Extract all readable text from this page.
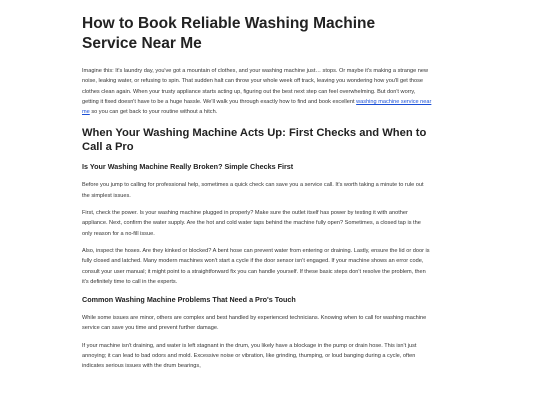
How to Book Reliable Washing Machine Service Near Me

Imagine this: It's laundry day, you've got a mountain of clothes, and your washing machine just… stops. Or maybe it's making a strange new noise, leaking water, or refusing to spin. That sudden halt can throw your whole week off track, leaving you wondering how you'll get those clothes clean again. When your trusty appliance starts acting up, figuring out the best next step can feel overwhelming. But don't worry, getting it fixed doesn't have to be a huge hassle. We'll walk you through exactly how to find and book excellent washing machine service near me so you can get back to your routine without a hitch.

When Your Washing Machine Acts Up: First Checks and When to Call a Pro
Is Your Washing Machine Really Broken? Simple Checks First

Before you jump to calling for professional help, sometimes a quick check can save you a service call. It's worth taking a minute to rule out the simplest issues.

First, check the power. Is your washing machine plugged in properly? Make sure the outlet itself has power by testing it with another appliance. Next, confirm the water supply. Are the hot and cold water taps behind the machine fully open? Sometimes, a closed tap is the only reason for a no-fill issue.

Also, inspect the hoses. Are they kinked or blocked? A bent hose can prevent water from entering or draining. Lastly, ensure the lid or door is fully closed and latched. Many modern machines won't start a cycle if the door sensor isn't engaged. If your machine shows an error code, consult your user manual; it might point to a straightforward fix you can handle yourself. If these basic steps don't resolve the problem, then it's definitely time to call in the experts.

Common Washing Machine Problems That Need a Pro's Touch

While some issues are minor, others are complex and best handled by experienced technicians. Knowing when to call for washing machine service can save you time and prevent further damage.

If your machine isn't draining, and water is left stagnant in the drum, you likely have a blockage in the pump or drain hose. This isn't just annoying; it can lead to bad odors and mold. Excessive noise or vibration, like grinding, thumping, or loud banging during a cycle, often indicates serious issues with the drum bearings,
